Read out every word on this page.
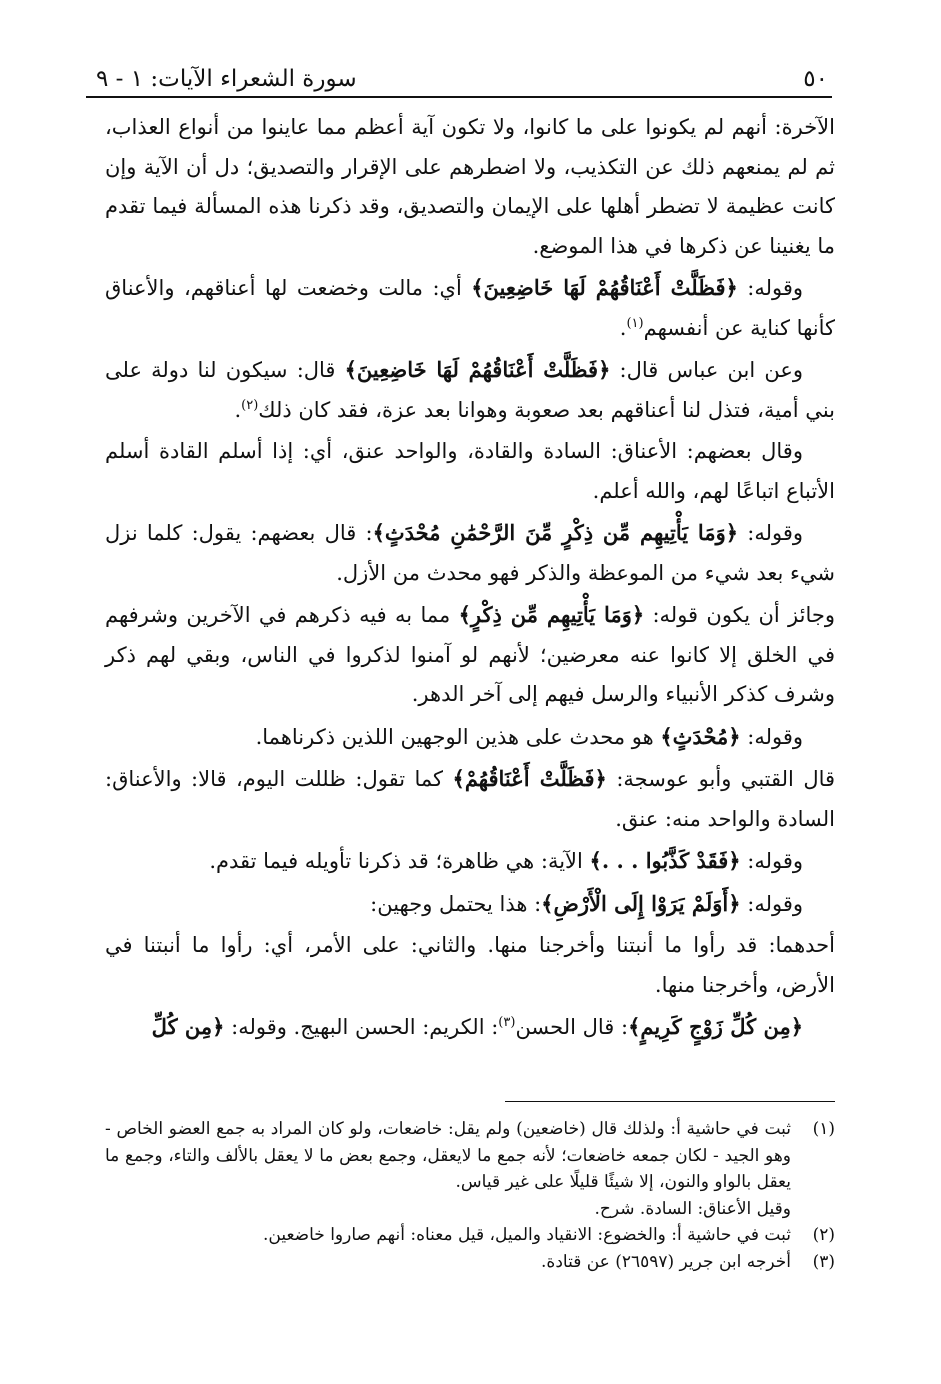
٥٠
سورة الشعراء الآيات: ١ - ٩

الآخرة: أنهم لم يكونوا على ما كانوا، ولا تكون آية أعظم مما عاينوا من أنواع العذاب، ثم لم يمنعهم ذلك عن التكذيب، ولا اضطرهم على الإقرار والتصديق؛ دل أن الآية وإن كانت عظيمة لا تضطر أهلها على الإيمان والتصديق، وقد ذكرنا هذه المسألة فيما تقدم ما يغنينا عن ذكرها في هذا الموضع.

وقوله: ﴿فَظَلَّتْ أَعْنَاقُهُمْ لَهَا خَاضِعِينَ﴾ أي: مالت وخضعت لها أعناقهم، والأعناق كأنها كناية عن أنفسهم$^{(١)}$.

وعن ابن عباس قال: ﴿فَظَلَّتْ أَعْنَاقُهُمْ لَهَا خَاضِعِينَ﴾ قال: سيكون لنا دولة على بني أمية، فتذل لنا أعناقهم بعد صعوبة وهوانا بعد عزة، فقد كان ذلك$^{(٢)}$.

وقال بعضهم: الأعناق: السادة والقادة، والواحد عنق، أي: إذا أسلم القادة أسلم الأتباع اتباعًا لهم، والله أعلم.

وقوله: ﴿وَمَا يَأْتِيهِم مِّن ذِكْرٍ مِّنَ الرَّحْمَٰنِ مُحْدَثٍ﴾: قال بعضهم: يقول: كلما نزل شيء بعد شيء من الموعظة والذكر فهو محدث من الأزل.

وجائز أن يكون قوله: ﴿وَمَا يَأْتِيهِم مِّن ذِكْرٍ﴾ مما به فيه ذكرهم في الآخرين وشرفهم في الخلق إلا كانوا عنه معرضين؛ لأنهم لو آمنوا لذكروا في الناس، وبقي لهم ذكر وشرف كذكر الأنبياء والرسل فيهم إلى آخر الدهر.

وقوله: ﴿مُحْدَثٍ﴾ هو محدث على هذين الوجهين اللذين ذكرناهما.

قال القتبي وأبو عوسجة: ﴿فَظَلَّتْ أَعْنَاقُهُمْ﴾ كما تقول: ظللت اليوم، قالا: والأعناق: السادة والواحد منه: عنق.

وقوله: ﴿فَقَدْ كَذَّبُوا . . .﴾ الآية: هي ظاهرة؛ قد ذكرنا تأويله فيما تقدم.

وقوله: ﴿أَوَلَمْ يَرَوْا إِلَى الْأَرْضِ﴾: هذا يحتمل وجهين:

أحدهما: قد رأوا ما أنبتنا وأخرجنا منها. والثاني: على الأمر، أي: رأوا ما أنبتنا في الأرض، وأخرجنا منها.

﴿مِن كُلِّ زَوْجٍ كَرِيمٍ﴾: قال الحسن$^{(٣)}$: الكريم: الحسن البهيج. وقوله: ﴿مِن كُلِّ

(١)
ثبت في حاشية أ: ولذلك قال (خاضعين) ولم يقل: خاضعات، ولو كان المراد به جمع العضو الخاص - وهو الجيد - لكان جمعه خاضعات؛ لأنه جمع ما لايعقل، وجمع بعض ما لا يعقل بالألف والتاء، وجمع ما يعقل بالواو والنون، إلا شيئًا قليلًا على غير قياس.
وقيل الأعناق: السادة. شرح.
(٢)
ثبت في حاشية أ: والخضوع: الانقياد والميل، قيل معناه: أنهم صاروا خاضعين.
(٣)
أخرجه ابن جرير (٢٦٥٩٧) عن قتادة.
